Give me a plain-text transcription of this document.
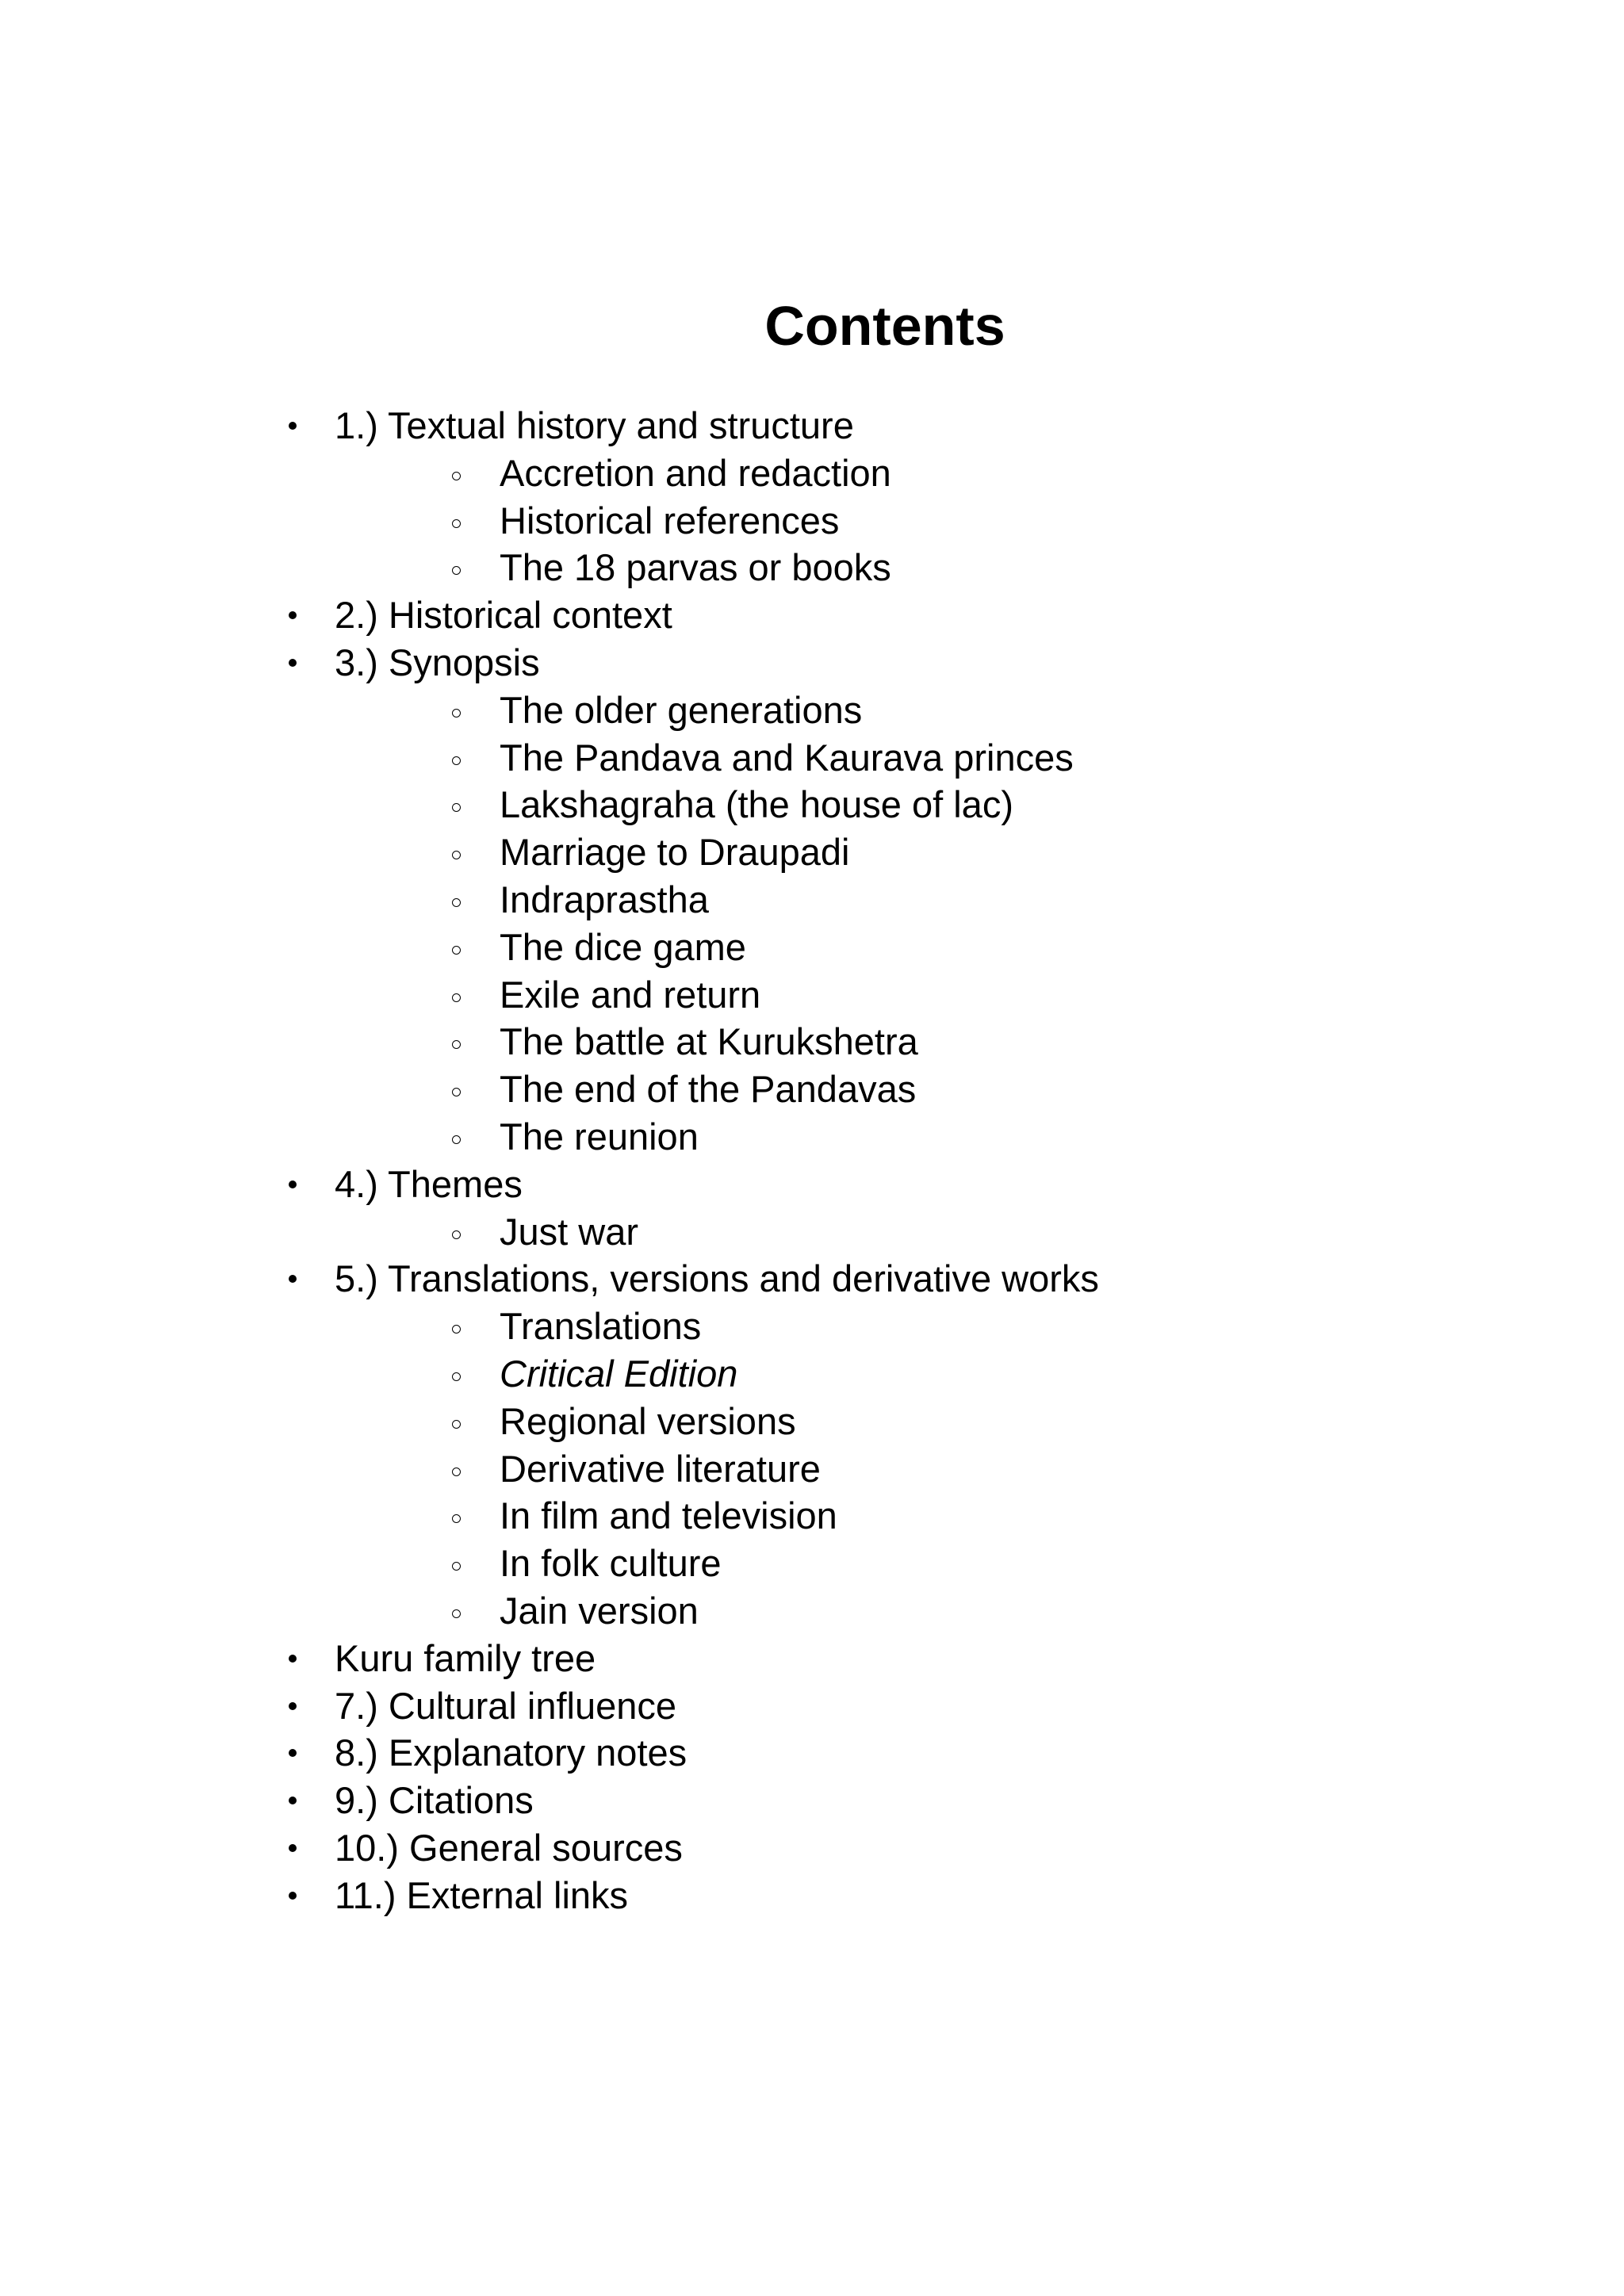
Contents
1.) Textual history and structure
Accretion and redaction
Historical references
The 18 parvas or books
2.) Historical context
3.) Synopsis
The older generations
The Pandava and Kaurava princes
Lakshagraha (the house of lac)
Marriage to Draupadi
Indraprastha
The dice game
Exile and return
The battle at Kurukshetra
The end of the Pandavas
The reunion
4.) Themes
Just war
5.) Translations, versions and derivative works
Translations
Critical Edition
Regional versions
Derivative literature
In film and television
In folk culture
Jain version
Kuru family tree
7.) Cultural influence
8.) Explanatory notes
9.) Citations
10.) General sources
11.) External links
